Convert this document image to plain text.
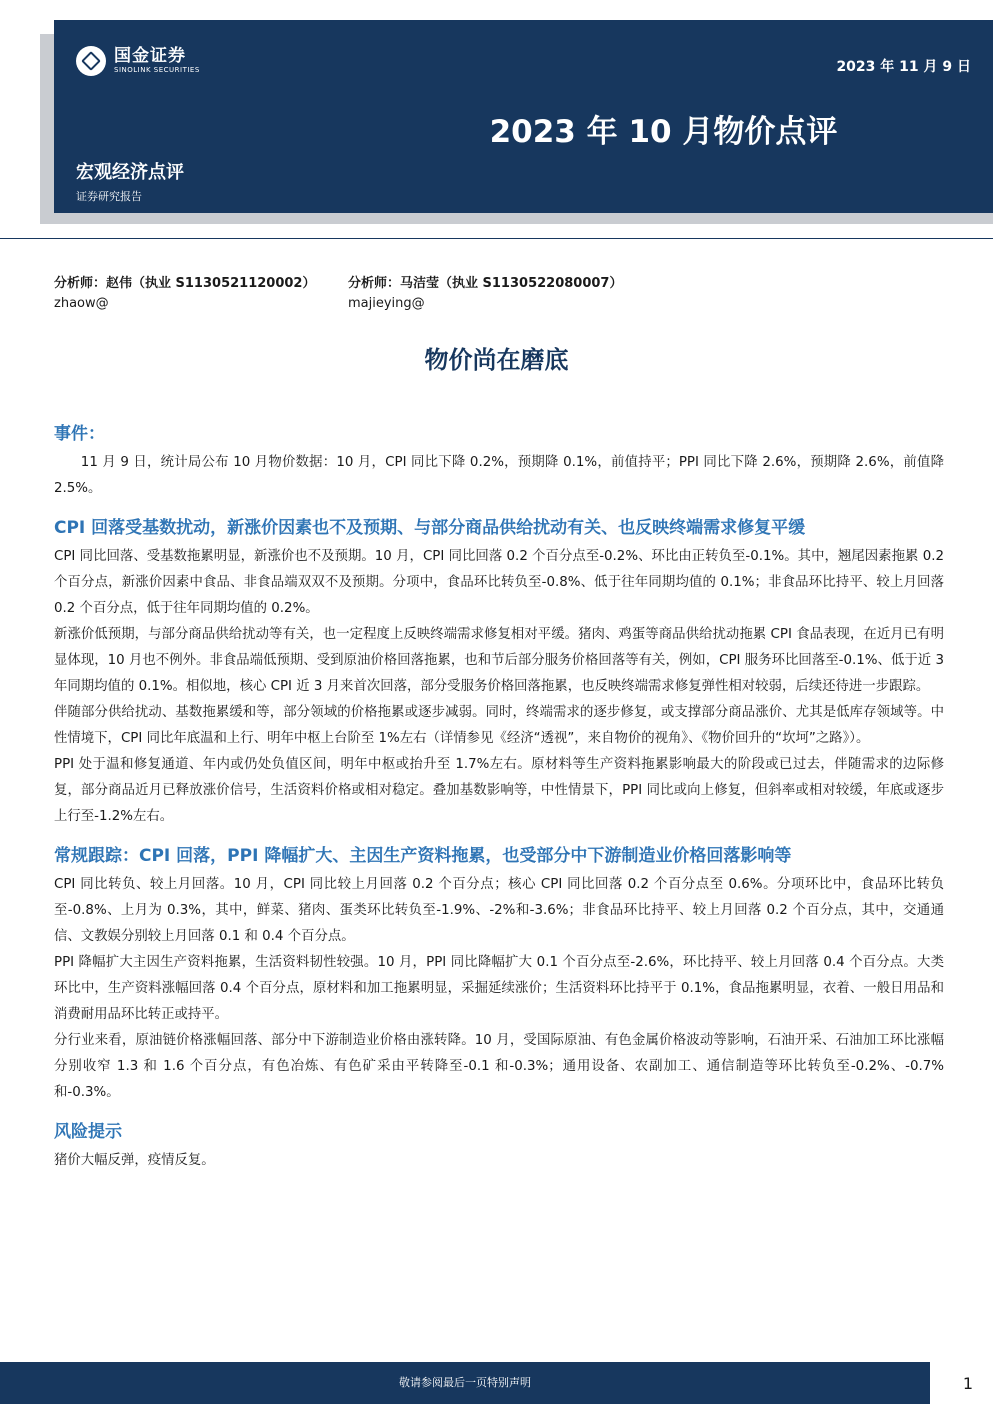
国金证券
SINOLINK SECURITIES	2023 年 11 月 9 日
2023 年 10 月物价点评
宏观经济点评
证券研究报告
分析师：赵伟（执业 S1130521120002）
zhaow@
分析师：马洁莹（执业 S1130522080007）
majieying@
物价尚在磨底
事件：

11 月 9 日，统计局公布 10 月物价数据：10 月，CPI 同比下降 0.2%，预期降 0.1%，前值持平；PPI 同比下降 2.6%，预期降 2.6%，前值降 2.5%。

CPI 回落受基数扰动，新涨价因素也不及预期、与部分商品供给扰动有关、也反映终端需求修复平缓

CPI 同比回落、受基数拖累明显，新涨价也不及预期。10 月，CPI 同比回落 0.2 个百分点至-0.2%、环比由正转负至-0.1%。其中，翘尾因素拖累 0.2 个百分点，新涨价因素中食品、非食品端双双不及预期。分项中，食品环比转负至-0.8%、低于往年同期均值的 0.1%；非食品环比持平、较上月回落 0.2 个百分点，低于往年同期均值的 0.2%。

新涨价低预期，与部分商品供给扰动等有关，也一定程度上反映终端需求修复相对平缓。猪肉、鸡蛋等商品供给扰动拖累 CPI 食品表现，在近月已有明显体现，10 月也不例外。非食品端低预期、受到原油价格回落拖累，也和节后部分服务价格回落等有关，例如，CPI 服务环比回落至-0.1%、低于近 3 年同期均值的 0.1%。相似地，核心 CPI 近 3 月来首次回落，部分受服务价格回落拖累，也反映终端需求修复弹性相对较弱，后续还待进一步跟踪。

伴随部分供给扰动、基数拖累缓和等，部分领域的价格拖累或逐步减弱。同时，终端需求的逐步修复，或支撑部分商品涨价、尤其是低库存领域等。中性情境下，CPI 同比年底温和上行、明年中枢上台阶至 1%左右（详情参见《经济“透视”，来自物价的视角》、《物价回升的“坎坷”之路》）。

PPI 处于温和修复通道、年内或仍处负值区间，明年中枢或抬升至 1.7%左右。原材料等生产资料拖累影响最大的阶段或已过去，伴随需求的边际修复，部分商品近月已释放涨价信号，生活资料价格或相对稳定。叠加基数影响等，中性情景下，PPI 同比或向上修复，但斜率或相对较缓，年底或逐步上行至-1.2%左右。

常规跟踪：CPI 回落，PPI 降幅扩大、主因生产资料拖累，也受部分中下游制造业价格回落影响等

CPI 同比转负、较上月回落。10 月，CPI 同比较上月回落 0.2 个百分点；核心 CPI 同比回落 0.2 个百分点至 0.6%。分项环比中，食品环比转负至-0.8%、上月为 0.3%，其中，鲜菜、猪肉、蛋类环比转负至-1.9%、-2%和-3.6%；非食品环比持平、较上月回落 0.2 个百分点，其中，交通通信、文教娱分别较上月回落 0.1 和 0.4 个百分点。

PPI 降幅扩大主因生产资料拖累，生活资料韧性较强。10 月，PPI 同比降幅扩大 0.1 个百分点至-2.6%，环比持平、较上月回落 0.4 个百分点。大类环比中，生产资料涨幅回落 0.4 个百分点，原材料和加工拖累明显，采掘延续涨价；生活资料环比持平于 0.1%，食品拖累明显，衣着、一般日用品和消费耐用品环比转正或持平。

分行业来看，原油链价格涨幅回落、部分中下游制造业价格由涨转降。10 月，受国际原油、有色金属价格波动等影响，石油开采、石油加工环比涨幅分别收窄 1.3 和 1.6 个百分点，有色冶炼、有色矿采由平转降至-0.1 和-0.3%；通用设备、农副加工、通信制造等环比转负至-0.2%、-0.7%和-0.3%。

风险提示

猪价大幅反弹，疫情反复。

敬请参阅最后一页特别声明	1
